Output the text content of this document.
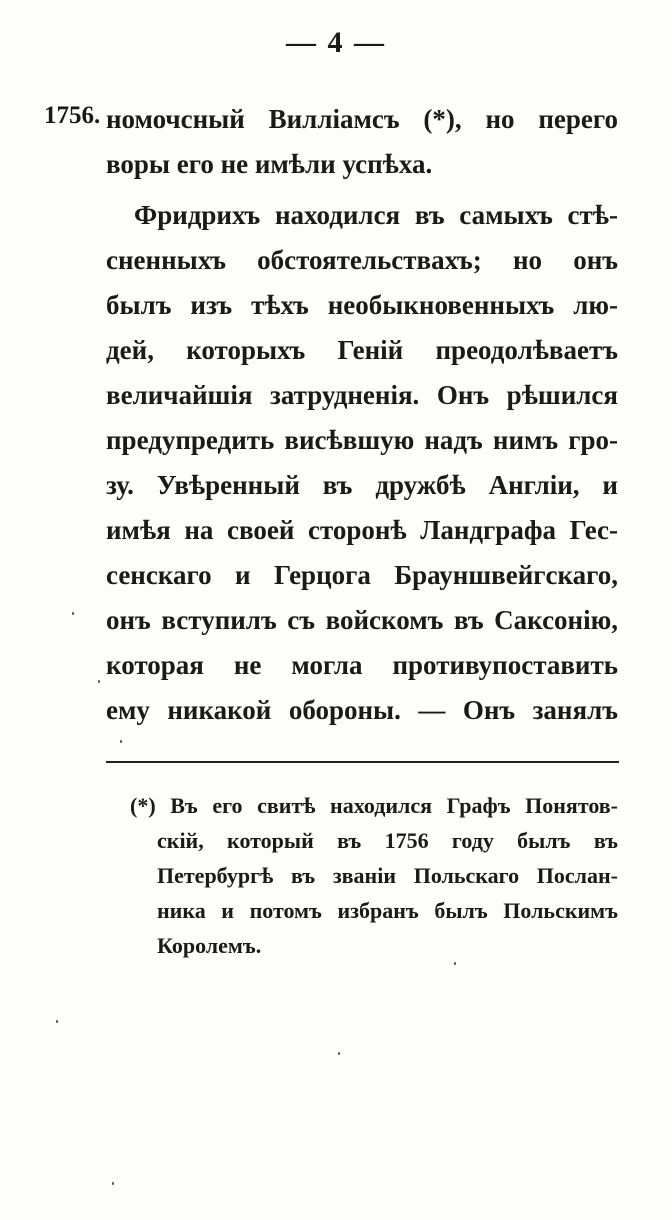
— 4 —
1756. номочсный Вилліамсъ (*), но перего
воры его не имѣли успѣха.
Фридрихъ находился въ самыхъ стѣ-
сненныхъ обстоятельствахъ; но онъ
былъ изъ тѣхъ необыкновенныхъ лю-
дей, которыхъ Геній преодолѣваетъ
величайшія затрудненія. Онъ рѣшился
предупредить висѣвшую надъ нимъ гро-
зу. Увѣренный въ дружбѣ Англіи, и
имѣя на своей сторонѣ Ландграфа Гес-
сенскаго и Герцога Брауншвейгскаго,
онъ вступилъ съ войскомъ въ Саксонію,
которая не могла противупоставить
ему никакой обороны. — Онъ занялъ
(*) Въ его свитѣ находился Графъ Понятов-
скій, который въ 1756 году былъ въ
Петербургѣ въ званіи Польскаго Послан-
ника и потомъ избранъ былъ Польскимъ
Королемъ.
